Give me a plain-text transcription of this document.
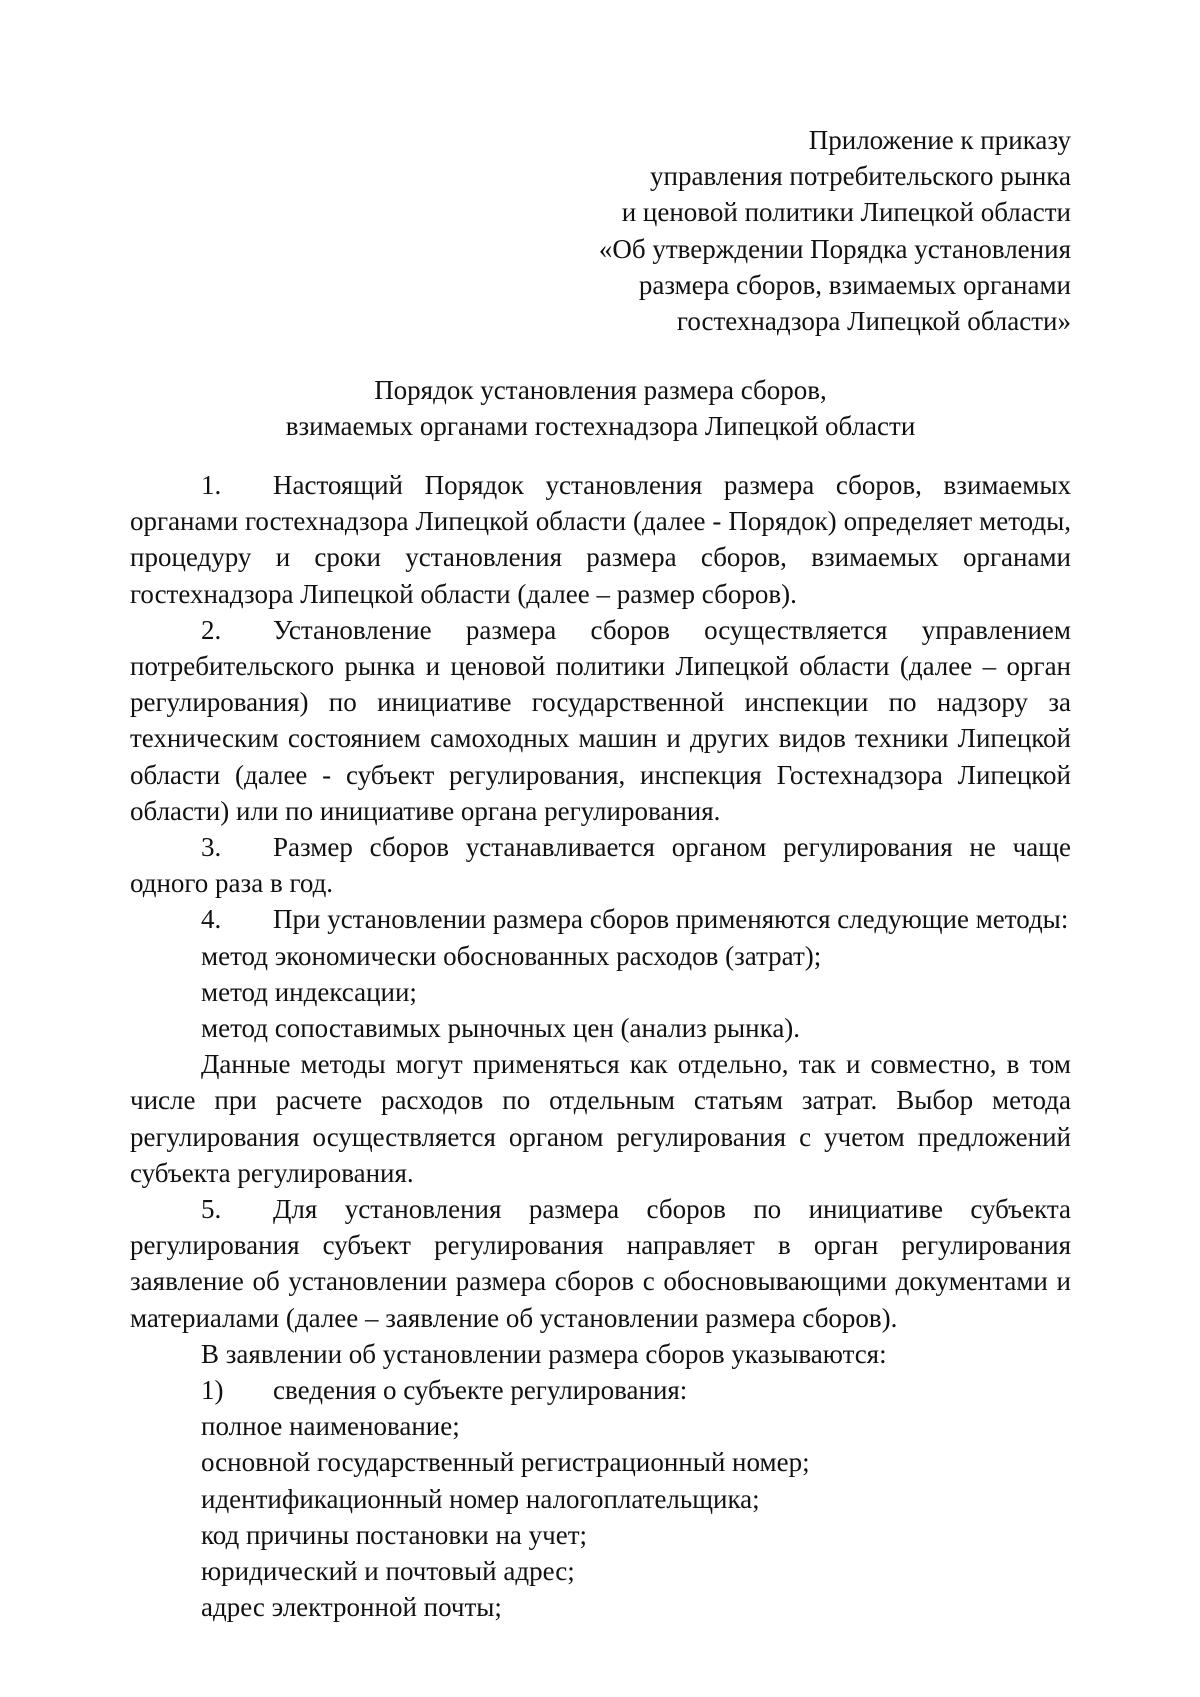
Приложение к приказу
управления потребительского рынка
и ценовой политики Липецкой области
«Об утверждении Порядка установления
размера сборов, взимаемых органами
гостехнадзора Липецкой области»
Порядок установления размера сборов,
взимаемых органами гостехнадзора Липецкой области

1. Настоящий Порядок установления размера сборов, взимаемых органами гостехнадзора Липецкой области (далее - Порядок) определяет методы, процедуру и сроки установления размера сборов, взимаемых органами гостехнадзора Липецкой области (далее – размер сборов).

2. Установление размера сборов осуществляется управлением потребительского рынка и ценовой политики Липецкой области (далее – орган регулирования) по инициативе государственной инспекции по надзору за техническим состоянием самоходных машин и других видов техники Липецкой области (далее - субъект регулирования, инспекция Гостехнадзора Липецкой области) или по инициативе органа регулирования.

3. Размер сборов устанавливается органом регулирования не чаще одного раза в год.

4. При установлении размера сборов применяются следующие методы:

метод экономически обоснованных расходов (затрат);

метод индексации;

метод сопоставимых рыночных цен (анализ рынка).

Данные методы могут применяться как отдельно, так и совместно, в том числе при расчете расходов по отдельным статьям затрат. Выбор метода регулирования осуществляется органом регулирования с учетом предложений субъекта регулирования.

5. Для установления размера сборов по инициативе субъекта регулирования субъект регулирования направляет в орган регулирования заявление об установлении размера сборов с обосновывающими документами и материалами (далее – заявление об установлении размера сборов).

В заявлении об установлении размера сборов указываются:

1) сведения о субъекте регулирования:

полное наименование;

основной государственный регистрационный номер;

идентификационный номер налогоплательщика;

код причины постановки на учет;

юридический и почтовый адрес;

адрес электронной почты;
